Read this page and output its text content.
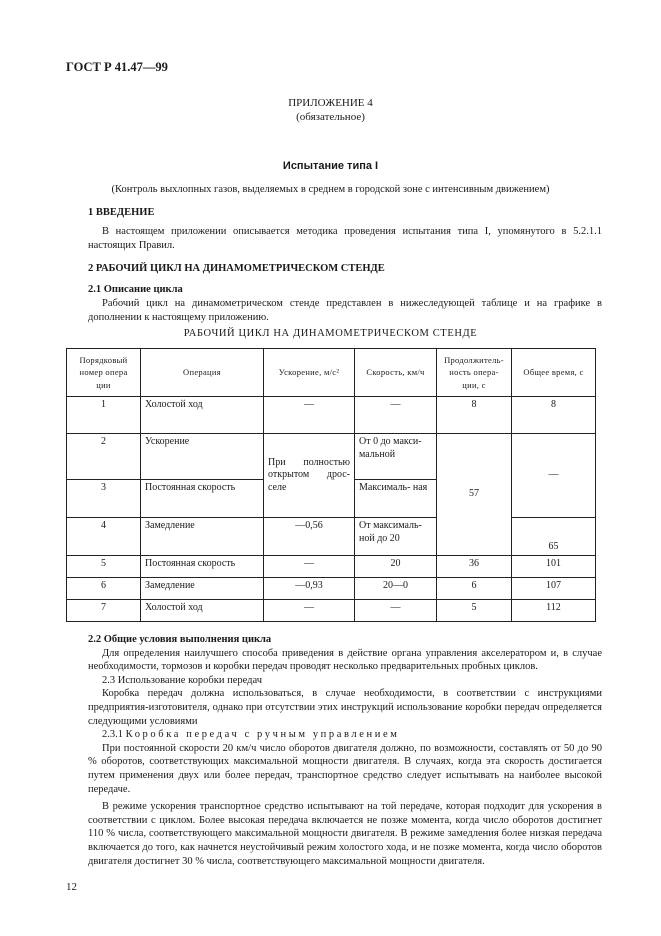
ГОСТ Р 41.47—99
ПРИЛОЖЕНИЕ 4
(обязательное)
Испытание типа I
(Контроль выхлопных газов, выделяемых в среднем в городской зоне с интенсивным движением)
1 ВВЕДЕНИЕ
В настоящем приложении описывается методика проведения испытания типа I, упомянутого в 5.2.1.1 настоящих Правил.
2 РАБОЧИЙ ЦИКЛ НА ДИНАМОМЕТРИЧЕСКОМ СТЕНДЕ
2.1 Описание цикла
Рабочий цикл на динамометрическом стенде представлен в нижеследующей таблице и на графике в дополнении к настоящему приложению.
РАБОЧИЙ ЦИКЛ НА ДИНАМОМЕТРИЧЕСКОМ СТЕНДЕ
Порядковый номер опера ции	Операция	Ускорение, м/с²	Скорость, км/ч	Продолжитель- ность опера- ции, с	Общее время, с
1	Холостой ход	—	—	8	8
2	Ускорение	При полностью открытом дрос- селе	От 0 до макси- мальной	57	—
3	Постоянная скорость		Максималь- ная		
4	Замедление	—0,56	От максималь- ной до 20		65
5	Постоянная скорость	—	20	36	101
6	Замедление	—0,93	20—0	6	107
7	Холостой ход	—	—	5	112
2.2 Общие условия выполнения цикла
Для определения наилучшего способа приведения в действие органа управления акселератором и, в случае необходимости, тормозов и коробки передач проводят несколько предварительных пробных циклов.
2.3 Использование коробки передач
Коробка передач должна использоваться, в случае необходимости, в соответствии с инструкциями предприятия-изготовителя, однако при отсутствии этих инструкций использование коробки передач определяется следующими условиями
2.3.1 Коробка передач с ручным управлением
При постоянной скорости 20 км/ч число оборотов двигателя должно, по возможности, составлять от 50 до 90 % оборотов, соответствующих максимальной мощности двигателя. В случаях, когда эта скорость достигается путем применения двух или более передач, транспортное средство следует испытывать на наиболее высокой передаче.
В режиме ускорения транспортное средство испытывают на той передаче, которая подходит для ускорения в соответствии с циклом. Более высокая передача включается не позже момента, когда число оборотов достигнет 110 % числа, соответствующего максимальной мощности двигателя. В режиме замедления более низкая передача включается до того, как начнется неустойчивый режим холостого хода, и не позже момента, когда число оборотов двигателя достигнет 30 % числа, соответствующего максимальной мощности двигателя.
12
